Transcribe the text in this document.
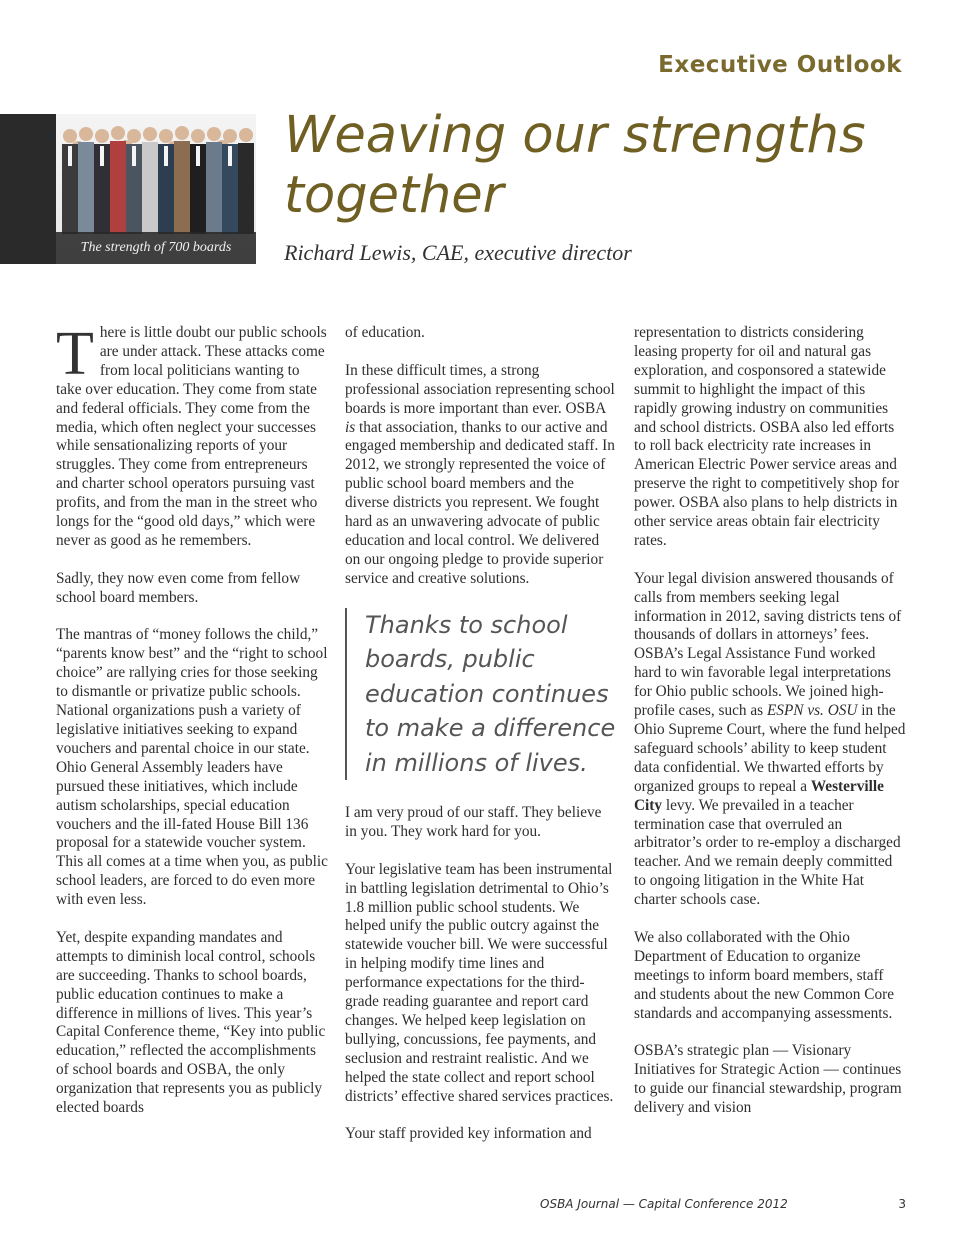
Executive Outlook
The strength of 700 boards
Weaving our strengths together
Richard Lewis, CAE, executive director

There is little doubt our public schools are under attack. These attacks come from local politicians wanting to take over education. They come from state and federal officials. They come from the media, which often neglect your successes while sensationalizing reports of your struggles. They come from entrepreneurs and charter school operators pursuing vast profits, and from the man in the street who longs for the “good old days,” which were never as good as he remembers.

Sadly, they now even come from fellow school board members.

The mantras of “money follows the child,” “parents know best” and the “right to school choice” are rallying cries for those seeking to dismantle or privatize public schools. National organizations push a variety of legislative initiatives seeking to expand vouchers and parental choice in our state. Ohio General Assembly leaders have pursued these initiatives, which include autism scholarships, special education vouchers and the ill-fated House Bill 136 proposal for a statewide voucher system. This all comes at a time when you, as public school leaders, are forced to do even more with even less.

Yet, despite expanding mandates and attempts to diminish local control, schools are succeeding. Thanks to school boards, public education continues to make a difference in millions of lives. This year’s Capital Conference theme, “Key into public education,” reflected the accomplishments of school boards and OSBA, the only organization that represents you as publicly elected boards

of education.

In these difficult times, a strong professional association representing school boards is more important than ever. OSBA is that association, thanks to our active and engaged membership and dedicated staff. In 2012, we strongly represented the voice of public school board members and the diverse districts you represent. We fought hard as an unwavering advocate of public education and local control. We delivered on our ongoing pledge to provide superior service and creative solutions.

Thanks to school boards, public education continues to make a difference in millions of lives.

I am very proud of our staff. They believe in you. They work hard for you.

Your legislative team has been instrumental in battling legislation detrimental to Ohio’s 1.8 million public school students. We helped unify the public outcry against the statewide voucher bill. We were successful in helping modify time lines and performance expectations for the third-grade reading guarantee and report card changes. We helped keep legislation on bullying, concussions, fee payments, and seclusion and restraint realistic. And we helped the state collect and report school districts’ effective shared services practices.

Your staff provided key information and

representation to districts considering leasing property for oil and natural gas exploration, and cosponsored a statewide summit to highlight the impact of this rapidly growing industry on communities and school districts. OSBA also led efforts to roll back electricity rate increases in American Electric Power service areas and preserve the right to competitively shop for power. OSBA also plans to help districts in other service areas obtain fair electricity rates.

Your legal division answered thousands of calls from members seeking legal information in 2012, saving districts tens of thousands of dollars in attorneys’ fees. OSBA’s Legal Assistance Fund worked hard to win favorable legal interpretations for Ohio public schools. We joined high-profile cases, such as ESPN vs. OSU in the Ohio Supreme Court, where the fund helped safeguard schools’ ability to keep student data confidential. We thwarted efforts by organized groups to repeal a Westerville City levy. We prevailed in a teacher termination case that overruled an arbitrator’s order to re-employ a discharged teacher. And we remain deeply committed to ongoing litigation in the White Hat charter schools case.

We also collaborated with the Ohio Department of Education to organize meetings to inform board members, staff and students about the new Common Core standards and accompanying assessments.

OSBA’s strategic plan — Visionary Initiatives for Strategic Action — continues to guide our financial stewardship, program delivery and vision

OSBA Journal — Capital Conference 2012	3
